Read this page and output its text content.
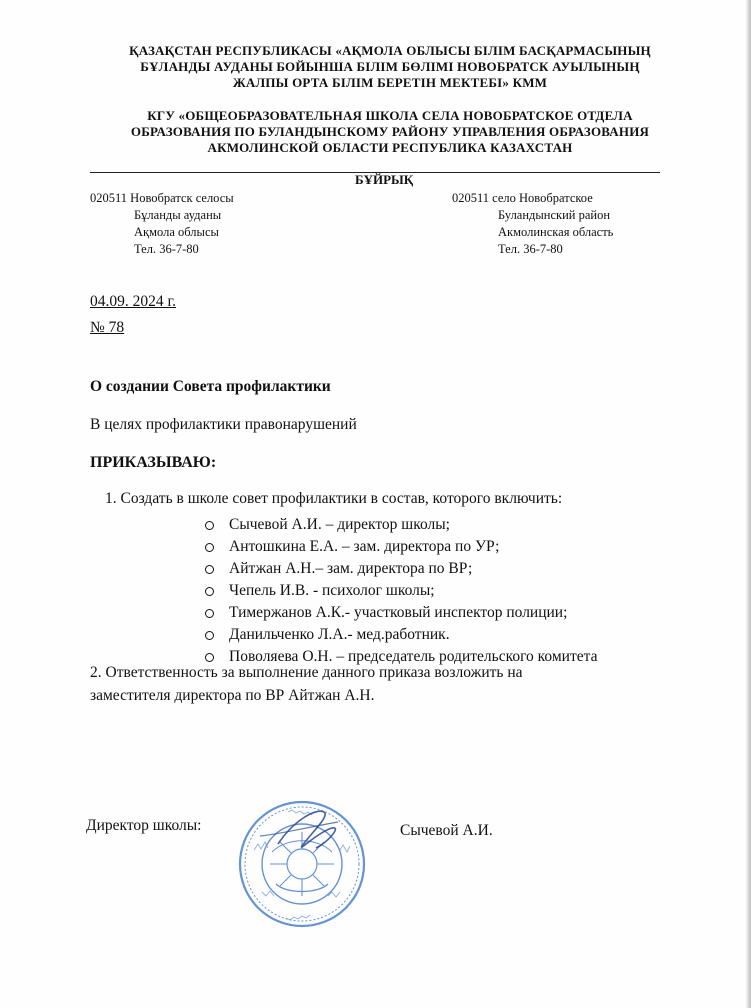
ҚАЗАҚСТАН РЕСПУБЛИКАСЫ «АҚМОЛА ОБЛЫСЫ БІЛІМ БАСҚАРМАСЫНЫҢ
БҰЛАНДЫ АУДАНЫ БОЙЫНША БІЛІМ БӨЛІМІ НОВОБРАТСК АУЫЛЫНЫҢ
ЖАЛПЫ ОРТА БІЛІМ БЕРЕТІН МЕКТЕБІ» КММ
КГУ «ОБЩЕОБРАЗОВАТЕЛЬНАЯ ШКОЛА СЕЛА НОВОБРАТСКОЕ ОТДЕЛА
ОБРАЗОВАНИЯ ПО БУЛАНДЫНСКОМУ РАЙОНУ УПРАВЛЕНИЯ ОБРАЗОВАНИЯ
АКМОЛИНСКОЙ ОБЛАСТИ РЕСПУБЛИКА КАЗАХСТАН
БҰЙРЫҚ
020511 Новобратск селосы
Бұланды ауданы
Ақмола облысы
Тел. 36-7-80
020511 село Новобратское
Буландынский район
Акмолинская область
Тел. 36-7-80
04.09. 2024 г.
№ 78
О создании Совета профилактики
В целях профилактики правонарушений
ПРИКАЗЫВАЮ:
1. Создать в школе совет профилактики в состав, которого включить:
Сычевой А.И. – директор школы;
Антошкина Е.А. – зам. директора по УР;
Айтжан А.Н.– зам. директора по ВР;
Чепель И.В. - психолог школы;
Тимержанов А.К.- участковый инспектор полиции;
Данильченко Л.А.- мед.работник.
Поволяева О.Н. – председатель родительского комитета
2. Ответственность за выполнение данного приказа возложить на
заместителя директора по ВР Айтжан А.Н.
Директор школы:	Сычевой А.И.
